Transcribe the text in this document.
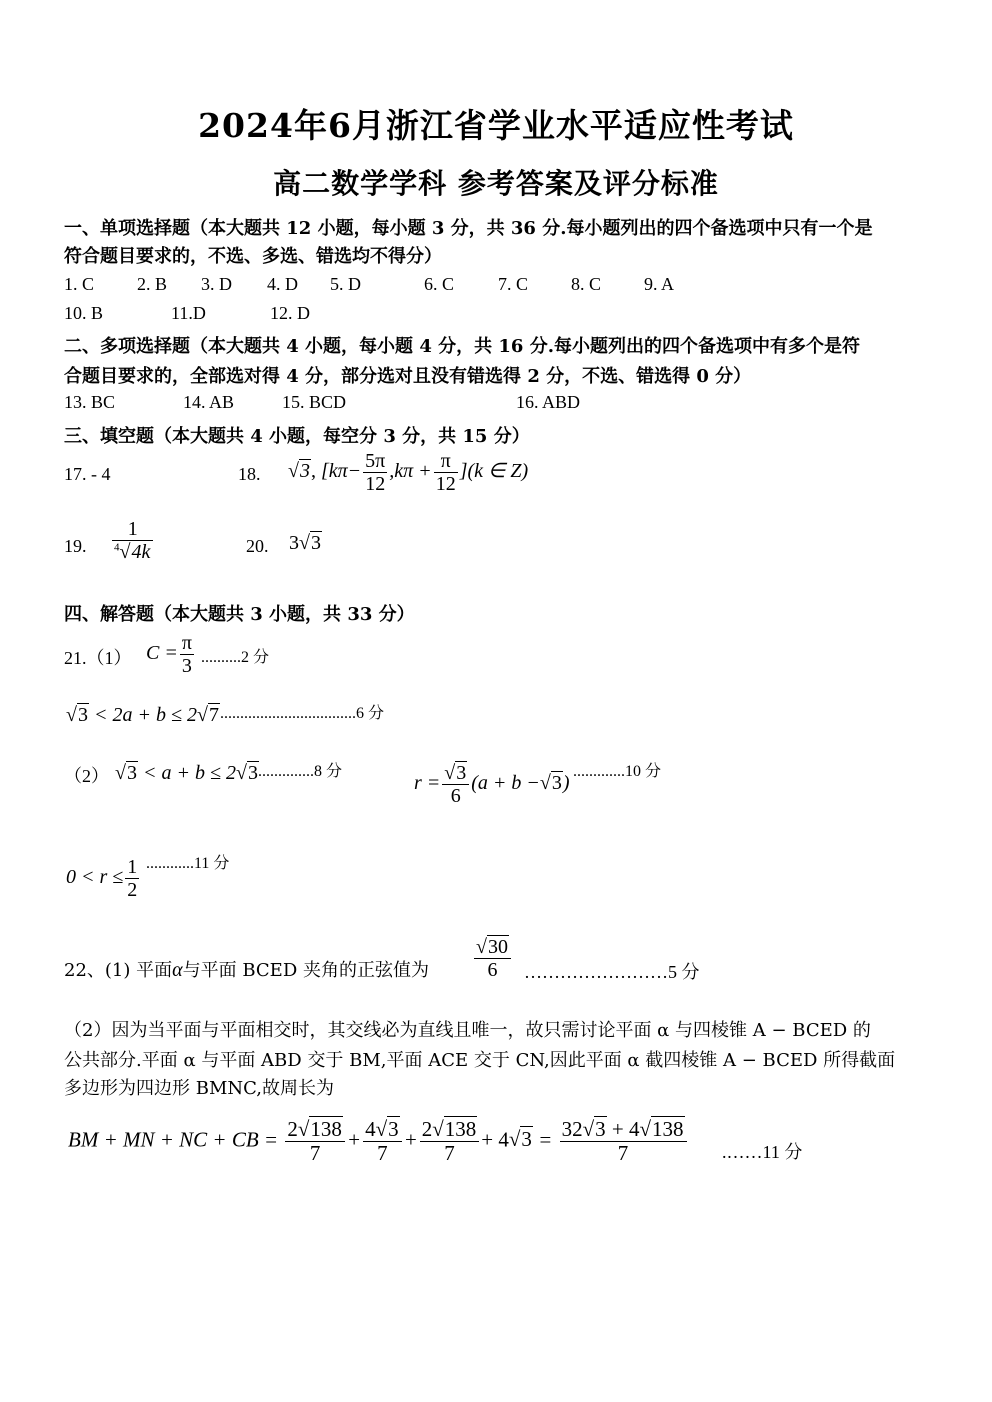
2024年6月浙江省学业水平适应性考试
高二数学学科 参考答案及评分标准
一、单项选择题（本大题共 12 小题，每小题 3 分，共 36 分.每小题列出的四个备选项中只有一个是
符合题目要求的，不选、多选、错选均不得分）
1. C 2. B 3. D 4. D 5. D	6. C 7. C 8. C 9. A
10. B	11.D	12. D
二、多项选择题（本大题共 4 小题，每小题 4 分，共 16 分.每小题列出的四个备选项中有多个是符
合题目要求的，全部选对得 4 分，部分选对且没有错选得 2 分，不选、错选得 0 分）
13. BC	14. AB	15. BCD	16. ABD
三、填空题（本大题共 4 小题，每空分 3 分，共 15 分）
17. - 4	18. √3, $[k\pi- \frac{5\pi}{12} ,k\pi + \frac{\pi}{12} ](k$ ∈ Z)
19. $\frac{1}{^4√4k}$	20. 3√3
四、解答题（本大题共 3 小题，共 33 分）
21.（1） $C = \frac{\pi}{3} ..........2$ 分
√3 < 2a + b ≤ 2√7 ..................................6 分
（2） √3 < a + b ≤ 2√3 ..............8 分
$r = \frac{√3}{6} (a + b -√3)$
.............10 分
$0 < r \le \frac{1}{2} ............11$ 分
22、(1) 平面α与平面 BCED 夹角的正弦值为 $\frac{√30}{6}$ ……………………5 分
（2）因为当平面与平面相交时，其交线必为直线且唯一，故只需讨论平面 α 与四棱锥 A − BCED 的
公共部分.平面 α 与平面 ABD 交于 BM,平面 ACE 交于 CN,因此平面 α 截四棱锥 A − BCED 所得截面
多边形为四边形 BMNC,故周长为
BM + MN + NC + CB = $\frac{2√138}{7} + \frac{4√3}{7} + \frac{2√138}{7} + 4√3 = \frac{32√3 + 4√138}{7}$ .……11 分
